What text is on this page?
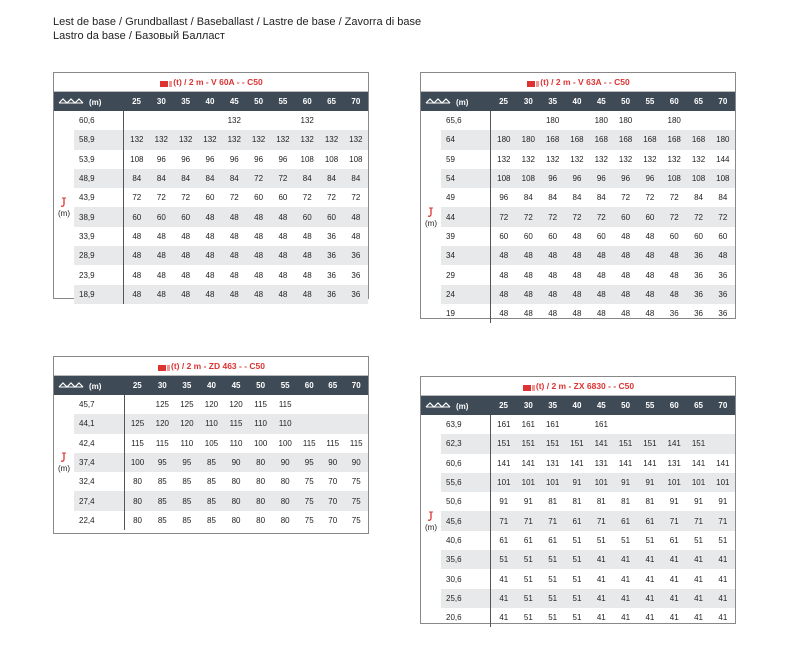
Lest de base / Grundballast / Baseballast / Lastre de base / Zavorra di base
Lastro da base / Базовый Балласт
(t) / 2 m - V 60A - - C50
(m)		25	30	35	40	45	50	55	60	65	70

(m)	60,6					132			132		
	58,9	132	132	132	132	132	132	132	132	132	132
	53,9	108	96	96	96	96	96	96	108	108	108
	48,9	84	84	84	84	84	72	72	84	84	84
	43,9	72	72	72	60	72	60	60	72	72	72
	38,9	60	60	60	48	48	48	48	60	60	48
	33,9	48	48	48	48	48	48	48	48	36	48
	28,9	48	48	48	48	48	48	48	48	36	36
	23,9	48	48	48	48	48	48	48	48	36	36
	18,9	48	48	48	48	48	48	48	48	36	36
(t) / 2 m - V 63A - - C50
(m)		25	30	35	40	45	50	55	60	65	70

(m)	65,6			180		180	180		180		
	64	180	180	168	168	168	168	168	168	168	180
	59	132	132	132	132	132	132	132	132	132	144
	54	108	108	96	96	96	96	96	108	108	108
	49	96	84	84	84	84	72	72	72	84	84
	44	72	72	72	72	72	60	60	72	72	72
	39	60	60	60	48	60	48	48	60	60	60
	34	48	48	48	48	48	48	48	48	36	48
	29	48	48	48	48	48	48	48	48	36	36
	24	48	48	48	48	48	48	48	48	36	36
	19	48	48	48	48	48	48	48	36	36	36
(t) / 2 m - ZD 463 - - C50
(m)		25	30	35	40	45	50	55	60	65	70

(m)	45,7		125	125	120	120	115	115			
	44,1	125	120	120	110	115	110	110			
	42,4	115	115	110	105	110	100	100	115	115	115
	37,4	100	95	95	85	90	80	90	95	90	90
	32,4	80	85	85	85	80	80	80	75	70	75
	27,4	80	85	85	85	80	80	80	75	70	75
	22,4	80	85	85	85	80	80	80	75	70	75
(t) / 2 m - ZX 6830 - - C50
(m)		25	30	35	40	45	50	55	60	65	70

(m)	63,9	161	161	161		161					
	62,3	151	151	151	151	141	151	151	141	151	
	60,6	141	141	131	141	131	141	141	131	141	141
	55,6	101	101	101	91	101	91	91	101	101	101
	50,6	91	91	81	81	81	81	81	91	91	91
	45,6	71	71	71	61	71	61	61	71	71	71
	40,6	61	61	61	51	51	51	51	61	51	51
	35,6	51	51	51	51	41	41	41	41	41	41
	30,6	41	51	51	51	41	41	41	41	41	41
	25,6	41	51	51	51	41	41	41	41	41	41
	20,6	41	51	51	51	41	41	41	41	41	41
